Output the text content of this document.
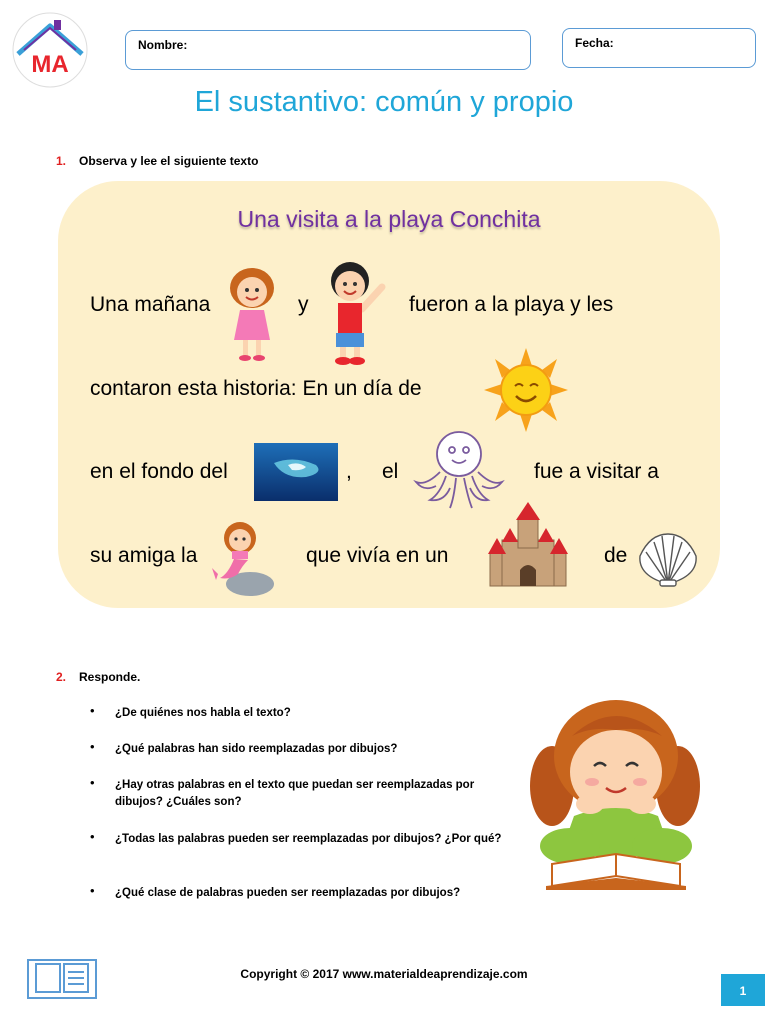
MA
Nombre:	Fecha:
El sustantivo: común y propio
1. Observa y lee el siguiente texto
Una visita a la playa Conchita
Una mañana	y	fueron a la playa y les
contaron esta historia: En un día de
en el fondo del	, el	fue a visitar a
su amiga la	que vivía en un	de
2. Responde.
• ¿De quiénes nos habla el texto?
• ¿Qué palabras han sido reemplazadas por dibujos?
• ¿Hay otras palabras en el texto que puedan ser reemplazadas por dibujos? ¿Cuáles son?
• ¿Todas las palabras pueden ser reemplazadas por dibujos? ¿Por qué?
• ¿Qué clase de palabras pueden ser reemplazadas por dibujos?
Copyright © 2017 www.materialdeaprendizaje.com
1
